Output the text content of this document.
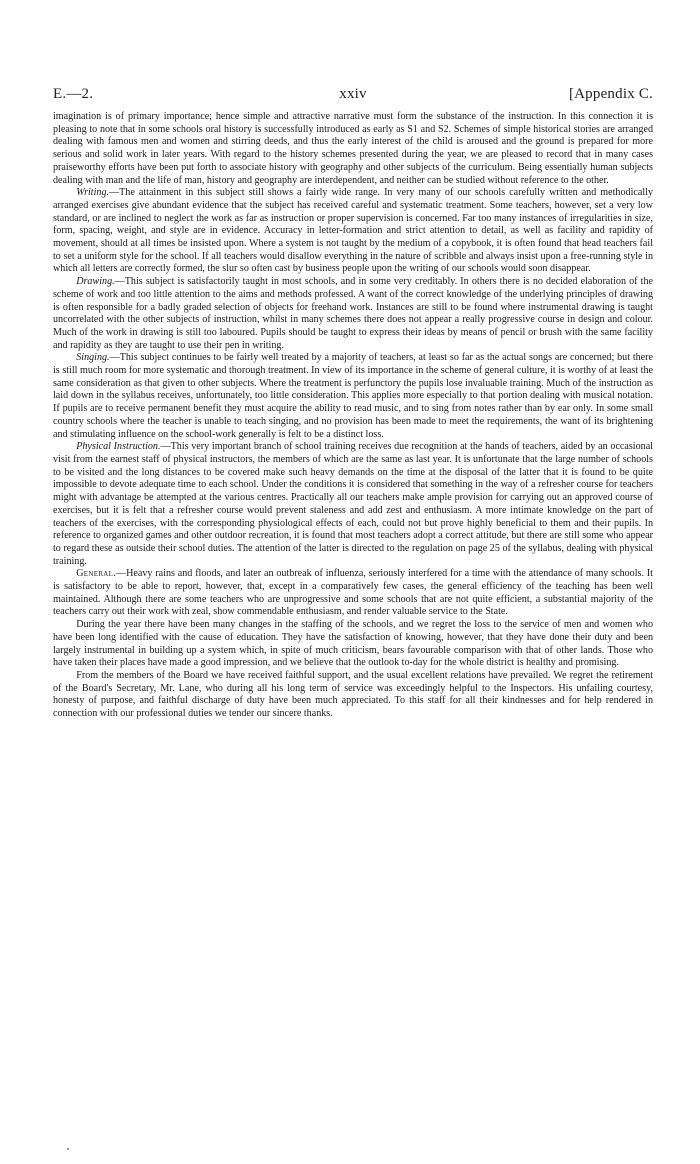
E.—2.	xxiv	[Appendix C.

imagination is of primary importance; hence simple and attractive narrative must form the substance of the instruction. In this connection it is pleasing to note that in some schools oral history is successfully introduced as early as S1 and S2. Schemes of simple historical stories are arranged dealing with famous men and women and stirring deeds, and thus the early interest of the child is aroused and the ground is prepared for more serious and solid work in later years. With regard to the history schemes presented during the year, we are pleased to record that in many cases praiseworthy efforts have been put forth to associate history with geography and other subjects of the curriculum. Being essentially human subjects dealing with man and the life of man, history and geography are interdependent, and neither can be studied without reference to the other.

Writing.—The attainment in this subject still shows a fairly wide range. In very many of our schools carefully written and methodically arranged exercises give abundant evidence that the subject has received careful and systematic treatment. Some teachers, however, set a very low standard, or are inclined to neglect the work as far as instruction or proper supervision is concerned. Far too many instances of irregularities in size, form, spacing, weight, and style are in evidence. Accuracy in letter-formation and strict attention to detail, as well as facility and rapidity of movement, should at all times be insisted upon. Where a system is not taught by the medium of a copybook, it is often found that head teachers fail to set a uniform style for the school. If all teachers would disallow everything in the nature of scribble and always insist upon a free-running style in which all letters are correctly formed, the slur so often cast by business people upon the writing of our schools would soon disappear.

Drawing.—This subject is satisfactorily taught in most schools, and in some very creditably. In others there is no decided elaboration of the scheme of work and too little attention to the aims and methods professed. A want of the correct knowledge of the underlying principles of drawing is often responsible for a badly graded selection of objects for freehand work. Instances are still to be found where instrumental drawing is taught uncorrelated with the other subjects of instruction, whilst in many schemes there does not appear a really progressive course in design and colour. Much of the work in drawing is still too laboured. Pupils should be taught to express their ideas by means of pencil or brush with the same facility and rapidity as they are taught to use their pen in writing.

Singing.—This subject continues to be fairly well treated by a majority of teachers, at least so far as the actual songs are concerned; but there is still much room for more systematic and thorough treatment. In view of its importance in the scheme of general culture, it is worthy of at least the same consideration as that given to other subjects. Where the treatment is perfunctory the pupils lose invaluable training. Much of the instruction as laid down in the syllabus receives, unfortunately, too little consideration. This applies more especially to that portion dealing with musical notation. If pupils are to receive permanent benefit they must acquire the ability to read music, and to sing from notes rather than by ear only. In some small country schools where the teacher is unable to teach singing, and no provision has been made to meet the requirements, the want of its brightening and stimulating influence on the school-work generally is felt to be a distinct loss.

Physical Instruction.—This very important branch of school training receives due recognition at the hands of teachers, aided by an occasional visit from the earnest staff of physical instructors, the members of which are the same as last year. It is unfortunate that the large number of schools to be visited and the long distances to be covered make such heavy demands on the time at the disposal of the latter that it is found to be quite impossible to devote adequate time to each school. Under the conditions it is considered that something in the way of a refresher course for teachers might with advantage be attempted at the various centres. Practically all our teachers make ample provision for carrying out an approved course of exercises, but it is felt that a refresher course would prevent staleness and add zest and enthusiasm. A more intimate knowledge on the part of teachers of the exercises, with the corresponding physiological effects of each, could not but prove highly beneficial to them and their pupils. In reference to organized games and other outdoor recreation, it is found that most teachers adopt a correct attitude, but there are still some who appear to regard these as outside their school duties. The attention of the latter is directed to the regulation on page 25 of the syllabus, dealing with physical training.

General.—Heavy rains and floods, and later an outbreak of influenza, seriously interfered for a time with the attendance of many schools. It is satisfactory to be able to report, however, that, except in a comparatively few cases, the general efficiency of the teaching has been well maintained. Although there are some teachers who are unprogressive and some schools that are not quite efficient, a substantial majority of the teachers carry out their work with zeal, show commendable enthusiasm, and render valuable service to the State.

During the year there have been many changes in the staffing of the schools, and we regret the loss to the service of men and women who have been long identified with the cause of education. They have the satisfaction of knowing, however, that they have done their duty and been largely instrumental in building up a system which, in spite of much criticism, bears favourable comparison with that of other lands. Those who have taken their places have made a good impression, and we believe that the outlook to-day for the whole district is healthy and promising.

From the members of the Board we have received faithful support, and the usual excellent relations have prevailed. We regret the retirement of the Board's Secretary, Mr. Lane, who during all his long term of service was exceedingly helpful to the Inspectors. His unfailing courtesy, honesty of purpose, and faithful discharge of duty have been much appreciated. To this staff for all their kindnesses and for help rendered in connection with our professional duties we tender our sincere thanks.
